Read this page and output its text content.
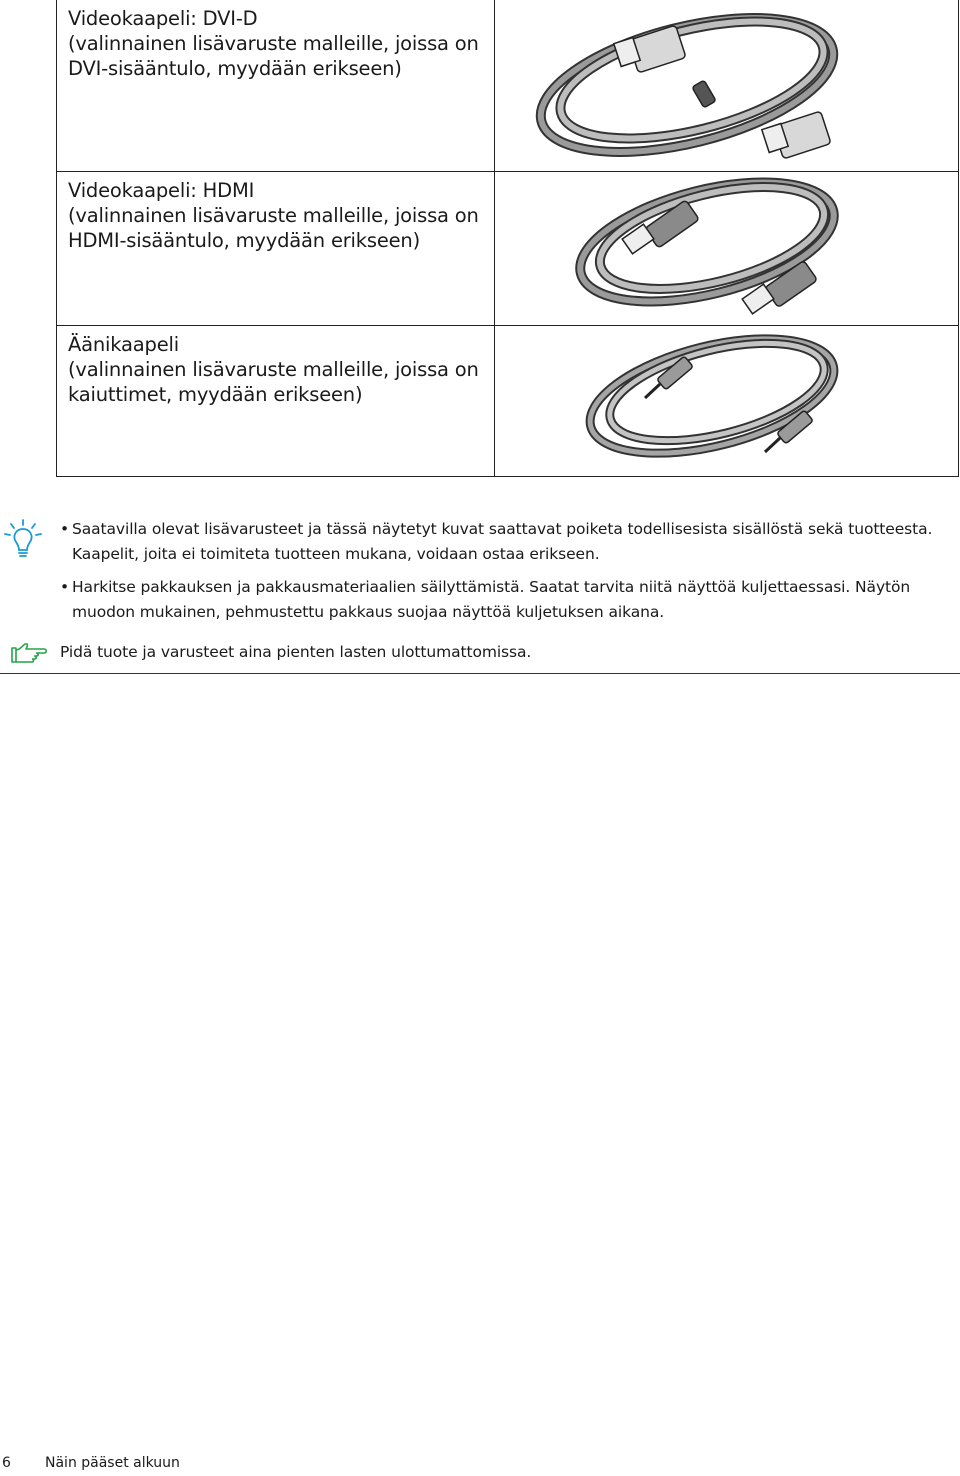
Videokaapeli: DVI-D
(valinnainen lisävaruste malleille, joissa on
DVI-sisääntulo, myydään erikseen)
Videokaapeli: HDMI
(valinnainen lisävaruste malleille, joissa on
HDMI-sisääntulo, myydään erikseen)
Äänikaapeli
(valinnainen lisävaruste malleille, joissa on
kaiuttimet, myydään erikseen)
• Saatavilla olevat lisävarusteet ja tässä näytetyt kuvat saattavat poiketa todellisesista sisällöstä sekä tuotteesta.
Kaapelit, joita ei toimiteta tuotteen mukana, voidaan ostaa erikseen.
• Harkitse pakkauksen ja pakkausmateriaalien säilyttämistä. Saatat tarvita niitä näyttöä kuljettaessasi. Näytön
muodon mukainen, pehmustettu pakkaus suojaa näyttöä kuljetuksen aikana.
Pidä tuote ja varusteet aina pienten lasten ulottumattomissa.
6 Näin pääset alkuun
